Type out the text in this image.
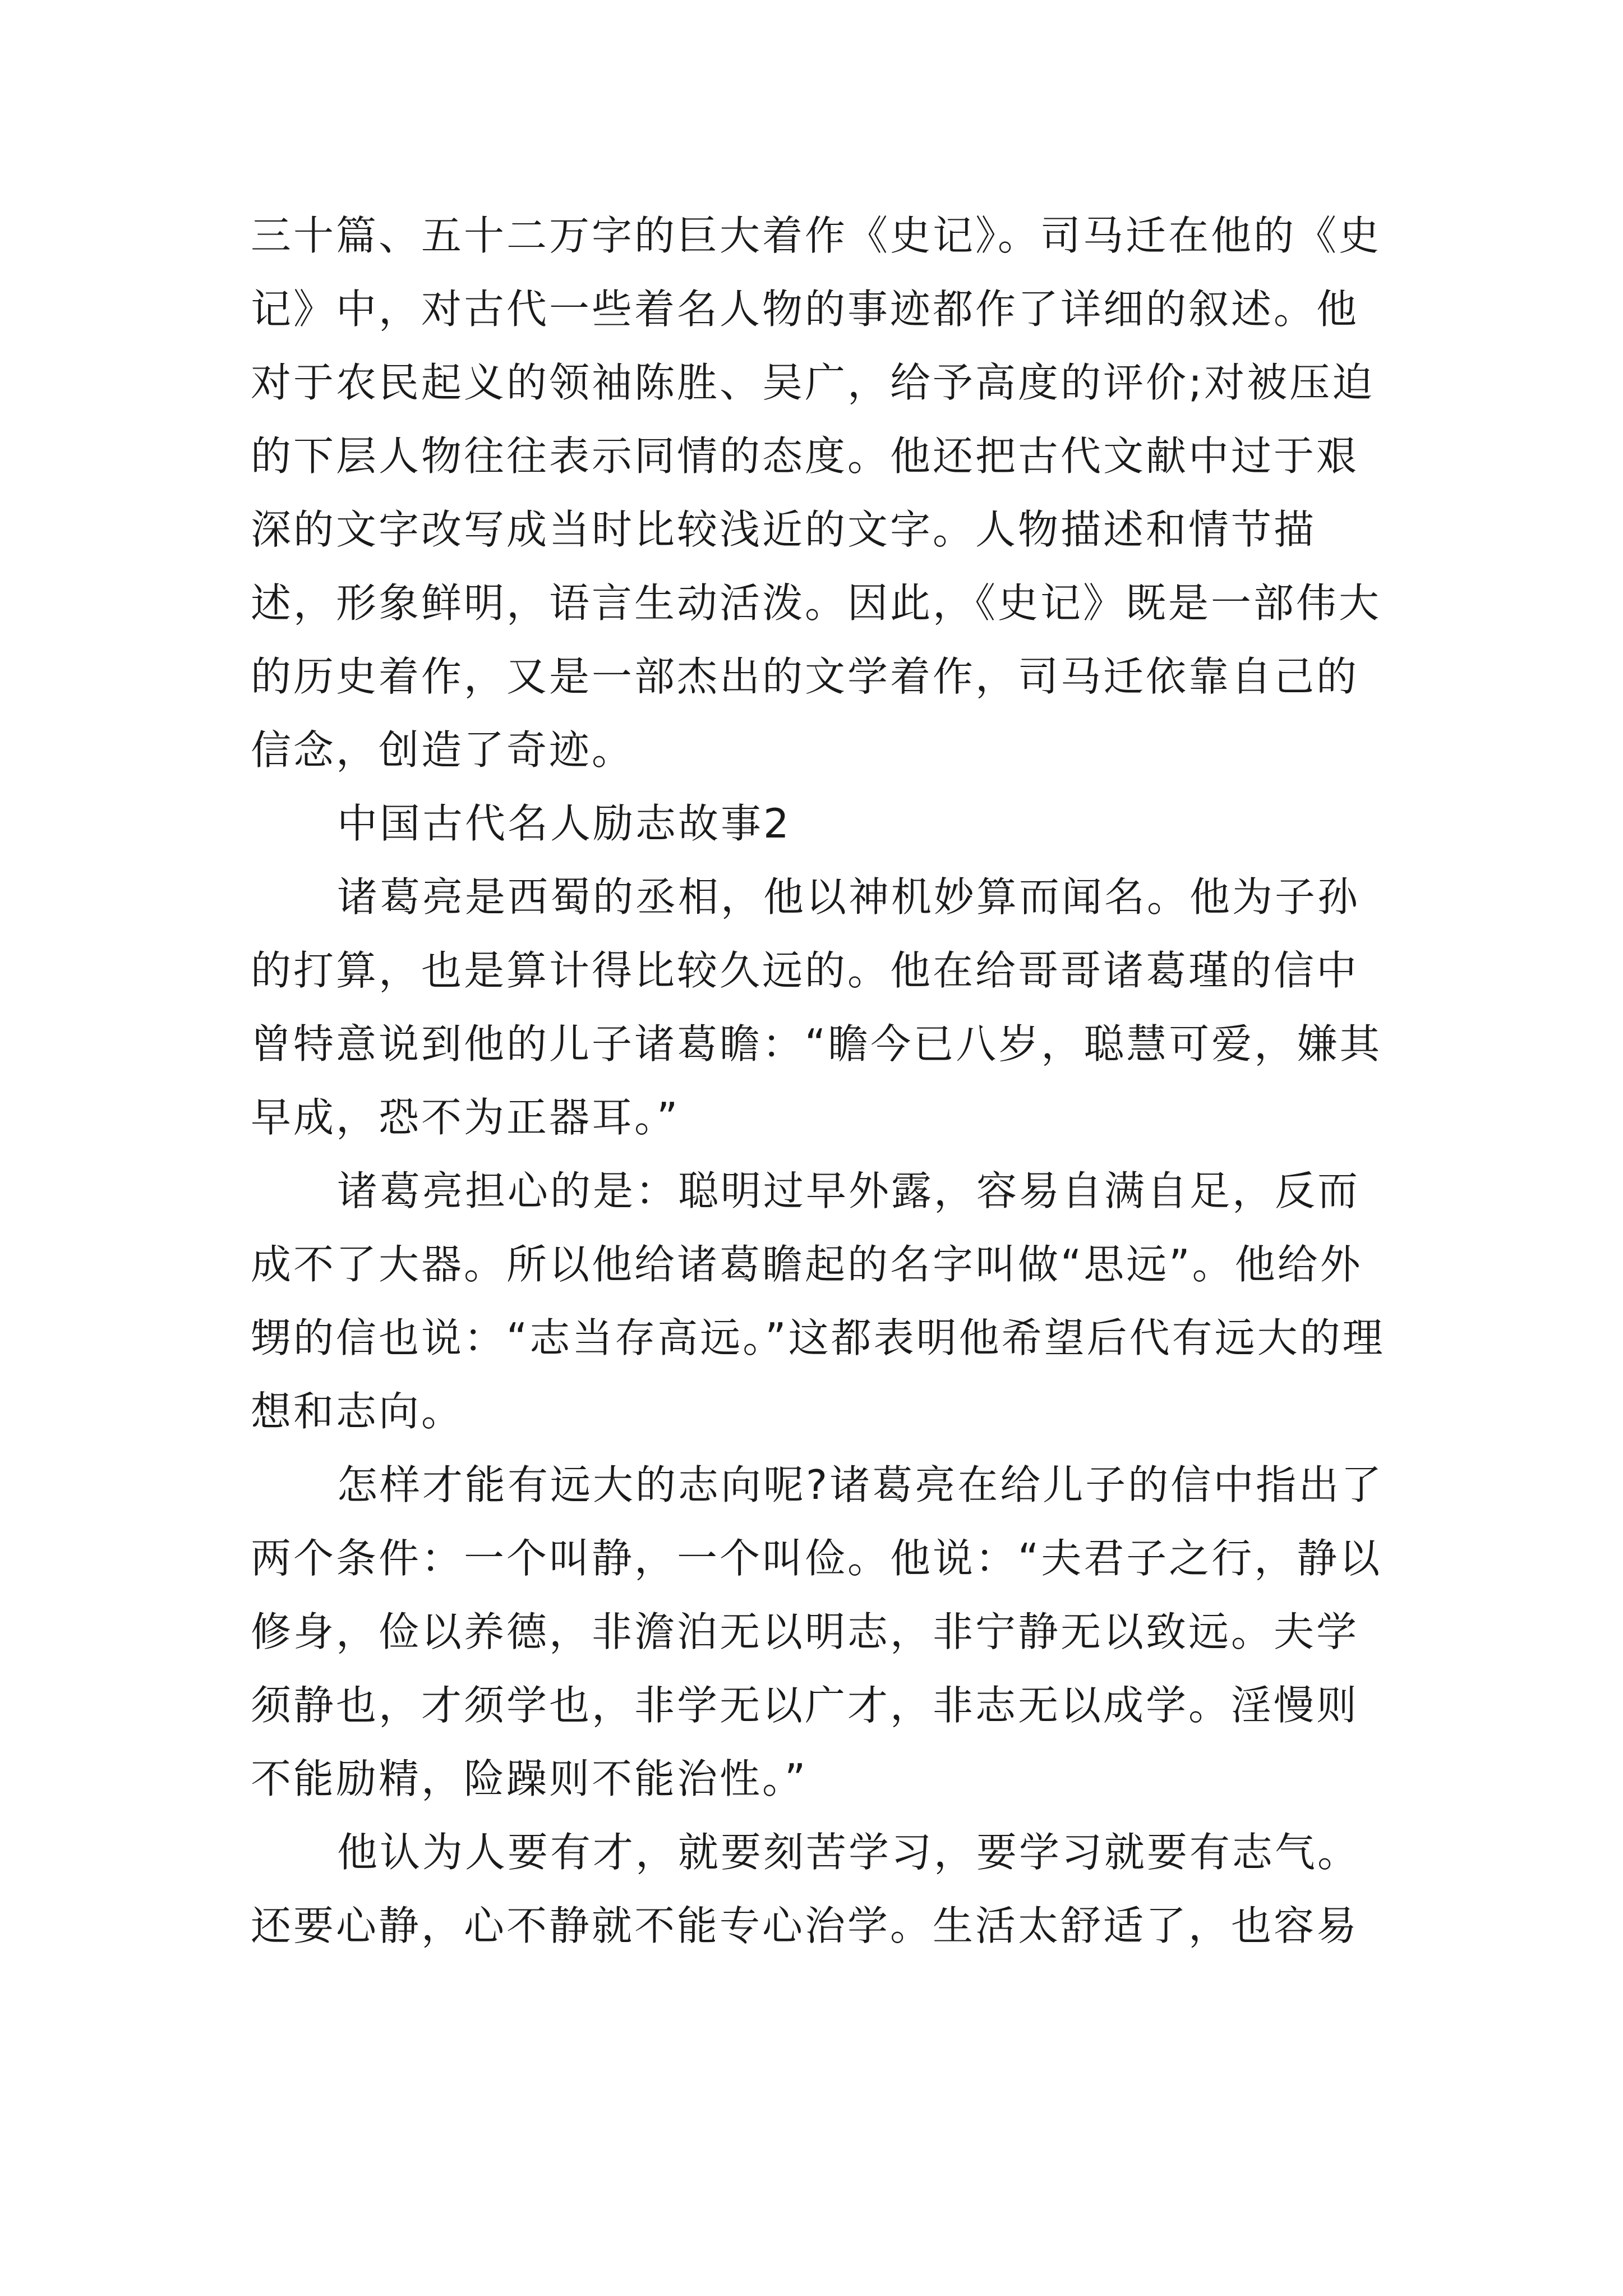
三十篇、五十二万字的巨大着作《史记》。司马迁在他的《史记》中，对古代一些着名人物的事迹都作了详细的叙述。他对于农民起义的领袖陈胜、吴广，给予高度的评价;对被压迫的下层人物往往表示同情的态度。他还把古代文献中过于艰深的文字改写成当时比较浅近的文字。人物描述和情节描述，形象鲜明，语言生动活泼。因此，《史记》既是一部伟大的历史着作，又是一部杰出的文学着作，司马迁依靠自己的信念，创造了奇迹。

中国古代名人励志故事2

诸葛亮是西蜀的丞相，他以神机妙算而闻名。他为子孙的打算，也是算计得比较久远的。他在给哥哥诸葛瑾的信中曾特意说到他的儿子诸葛瞻：“瞻今已八岁，聪慧可爱，嫌其早成，恐不为正器耳。”

诸葛亮担心的是：聪明过早外露，容易自满自足，反而成不了大器。所以他给诸葛瞻起的名字叫做“思远”。他给外甥的信也说：“志当存高远。”这都表明他希望后代有远大的理想和志向。

怎样才能有远大的志向呢?诸葛亮在给儿子的信中指出了两个条件：一个叫静，一个叫俭。他说：“夫君子之行，静以修身，俭以养德，非澹泊无以明志，非宁静无以致远。夫学须静也，才须学也，非学无以广才，非志无以成学。淫慢则不能励精，险躁则不能治性。”

他认为人要有才，就要刻苦学习，要学习就要有志气。还要心静，心不静就不能专心治学。生活太舒适了，也容易
